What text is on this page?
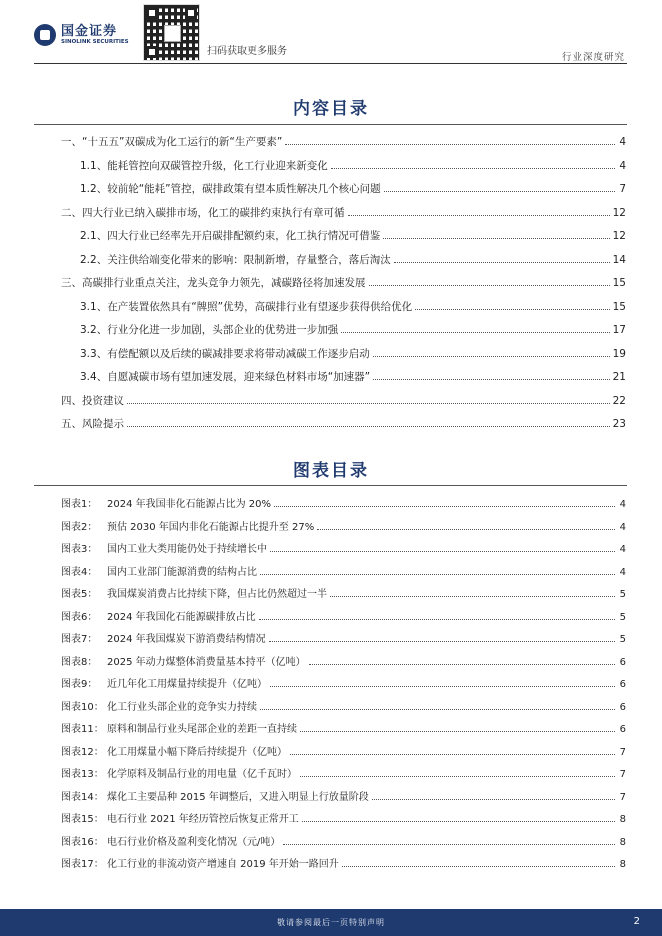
国金证券
SINOLINK SECURITIES
扫码获取更多服务
行业深度研究
内容目录
一、“十五五”双碳成为化工运行的新“生产要素”	4
1.1、能耗管控向双碳管控升级，化工行业迎来新变化	4
1.2、较前轮“能耗”管控，碳排政策有望本质性解决几个核心问题	7
二、四大行业已纳入碳排市场，化工的碳排约束执行有章可循	12
2.1、四大行业已经率先开启碳排配额约束，化工执行情况可借鉴	12
2.2、关注供给端变化带来的影响：限制新增，存量整合，落后淘汰	14
三、高碳排行业重点关注，龙头竞争力领先，减碳路径将加速发展	15
3.1、在产装置依然具有“牌照”优势，高碳排行业有望逐步获得供给优化	15
3.2、行业分化进一步加剧，头部企业的优势进一步加强	17
3.3、有偿配额以及后续的碳减排要求将带动减碳工作逐步启动	19
3.4、自愿减碳市场有望加速发展，迎来绿色材料市场“加速器”	21
四、投资建议	22
五、风险提示	23
图表目录
图表1： 2024 年我国非化石能源占比为 20%	4
图表2： 预估 2030 年国内非化石能源占比提升至 27%	4
图表3： 国内工业大类用能仍处于持续增长中	4
图表4： 国内工业部门能源消费的结构占比	4
图表5： 我国煤炭消费占比持续下降，但占比仍然超过一半	5
图表6： 2024 年我国化石能源碳排放占比	5
图表7： 2024 年我国煤炭下游消费结构情况	5
图表8： 2025 年动力煤整体消费量基本持平（亿吨）	6
图表9： 近几年化工用煤量持续提升（亿吨）	6
图表10： 化工行业头部企业的竞争实力持续	6
图表11： 原料和制品行业头尾部企业的差距一直持续	6
图表12： 化工用煤量小幅下降后持续提升（亿吨）	7
图表13： 化学原料及制品行业的用电量（亿千瓦时）	7
图表14： 煤化工主要品种 2015 年调整后，又进入明显上行放量阶段	7
图表15： 电石行业 2021 年经历管控后恢复正常开工	8
图表16： 电石行业价格及盈利变化情况（元/吨）	8
图表17： 化工行业的非流动资产增速自 2019 年开始一路回升	8
敬请参阅最后一页特别声明	2
